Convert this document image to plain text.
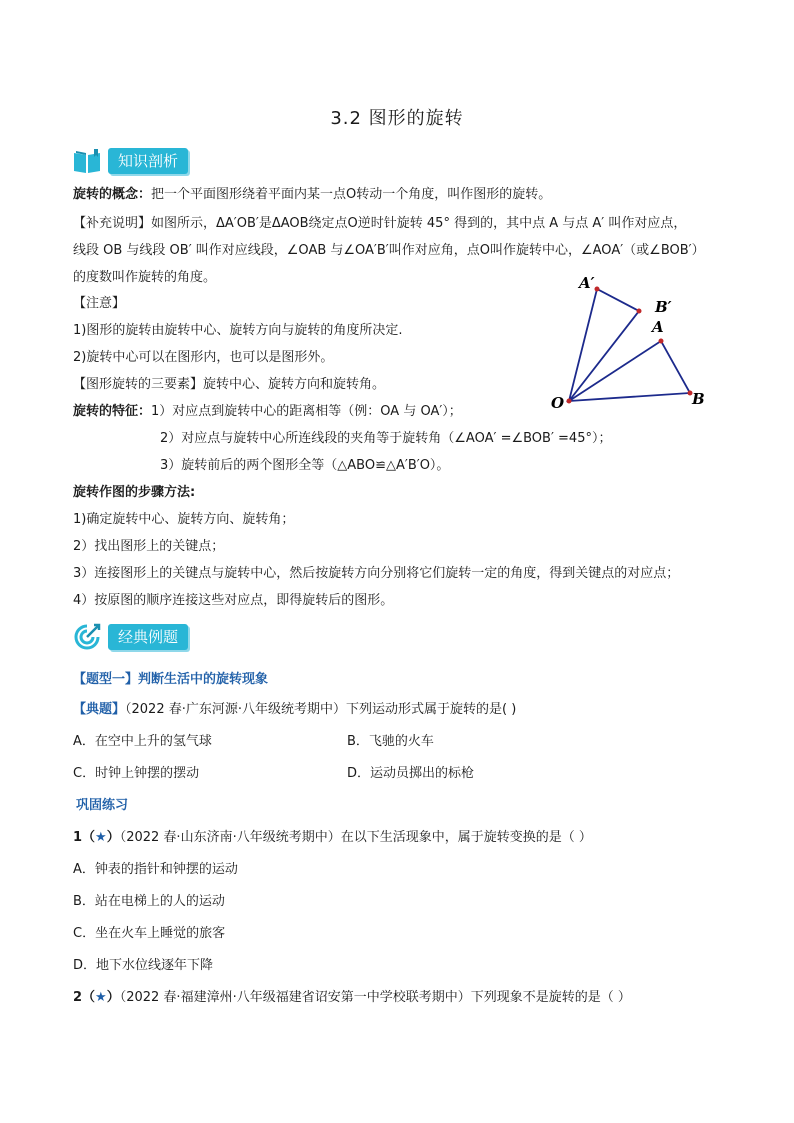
3.2 图形的旋转
知识剖析
旋转的概念：把一个平面图形绕着平面内某一点O转动一个角度，叫作图形的旋转。
【补充说明】如图所示，ΔA′OB′是ΔAOB绕定点O逆时针旋转 45° 得到的，其中点 A 与点 A′ 叫作对应点，
线段 OB 与线段 OB′ 叫作对应线段，∠OAB 与∠OA′B′叫作对应角，点O叫作旋转中心，∠AOA′（或∠BOB′）
的度数叫作旋转的角度。
【注意】
1)图形的旋转由旋转中心、旋转方向与旋转的角度所决定.
2)旋转中心可以在图形内，也可以是图形外。
【图形旋转的三要素】旋转中心、旋转方向和旋转角。
旋转的特征：1）对应点到旋转中心的距离相等（例：OA 与 OA′）；
2）对应点与旋转中心所连线段的夹角等于旋转角（∠AOA′ =∠BOB′ =45°）；
3）旋转前后的两个图形全等（△ABO≌△A′B′O）。
旋转作图的步骤方法:
1)确定旋转中心、旋转方向、旋转角；
2）找出图形上的关键点；
3）连接图形上的关键点与旋转中心，然后按旋转方向分别将它们旋转一定的角度，得到关键点的对应点；
4）按原图的顺序连接这些对应点，即得旋转后的图形。
O
A′
B′
A
B
经典例题
【题型一】判断生活中的旋转现象
【典题】（2022 春·广东河源·八年级统考期中）下列运动形式属于旋转的是( )
A．在空中上升的氢气球	B．飞驰的火车
C．时钟上钟摆的摆动	D．运动员掷出的标枪
巩固练习
1（★）（2022 春·山东济南·八年级统考期中）在以下生活现象中，属于旋转变换的是（ ）
A．钟表的指针和钟摆的运动
B．站在电梯上的人的运动
C．坐在火车上睡觉的旅客
D．地下水位线逐年下降
2（★）（2022 春·福建漳州·八年级福建省诏安第一中学校联考期中）下列现象不是旋转的是（ ）
